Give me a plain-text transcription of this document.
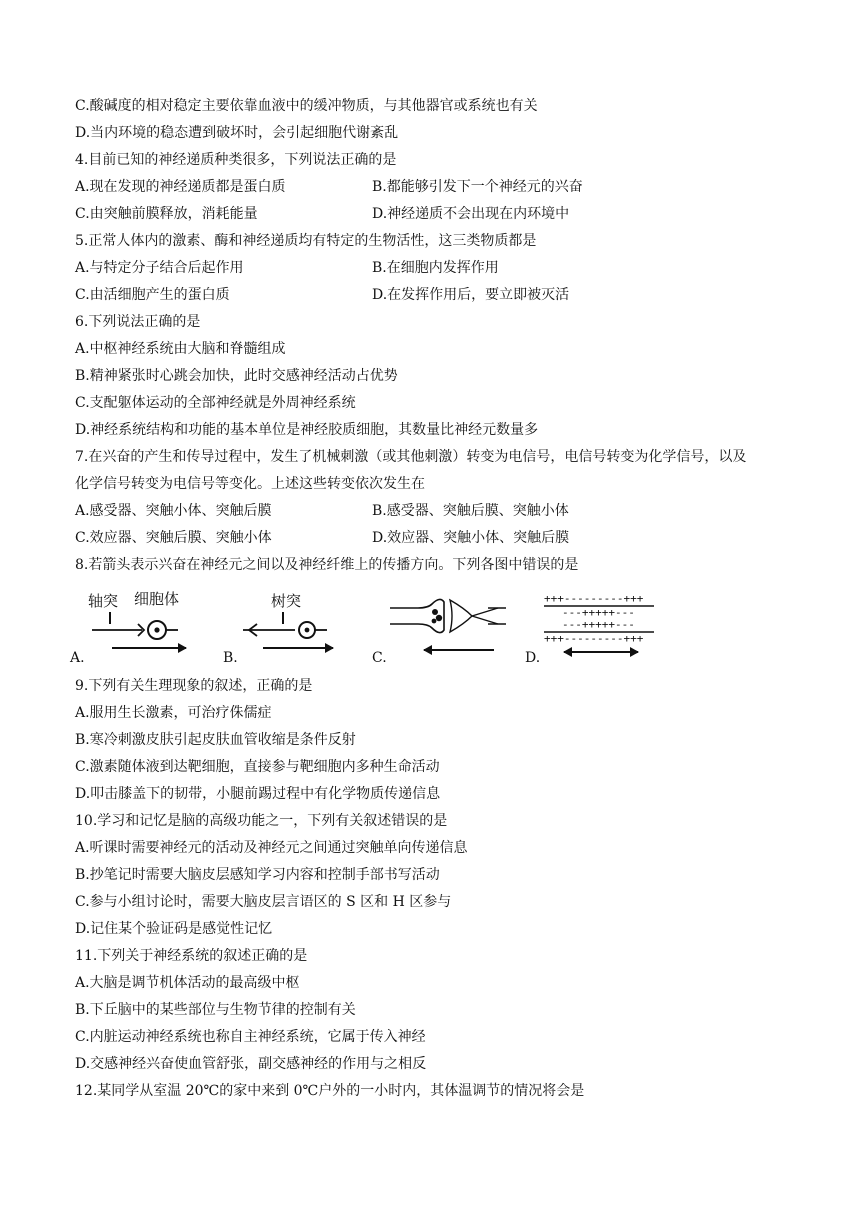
C.酸碱度的相对稳定主要依靠血液中的缓冲物质，与其他器官或系统也有关
D.当内环境的稳态遭到破坏时，会引起细胞代谢紊乱
4.目前已知的神经递质种类很多，下列说法正确的是
A.现在发现的神经递质都是蛋白质	B.都能够引发下一个神经元的兴奋
C.由突触前膜释放，消耗能量	D.神经递质不会出现在内环境中
5.正常人体内的激素、酶和神经递质均有特定的生物活性，这三类物质都是
A.与特定分子结合后起作用	B.在细胞内发挥作用
C.由活细胞产生的蛋白质	D.在发挥作用后，要立即被灭活
6.下列说法正确的是
A.中枢神经系统由大脑和脊髓组成
B.精神紧张时心跳会加快，此时交感神经活动占优势
C.支配躯体运动的全部神经就是外周神经系统
D.神经系统结构和功能的基本单位是神经胶质细胞，其数量比神经元数量多
7.在兴奋的产生和传导过程中，发生了机械刺激（或其他刺激）转变为电信号，电信号转变为化学信号，以及
化学信号转变为电信号等变化。上述这些转变依次发生在
A.感受器、突触小体、突触后膜	B.感受器、突触后膜、突触小体
C.效应器、突触后膜、突触小体	D.效应器、突触小体、突触后膜
8.若箭头表示兴奋在神经元之间以及神经纤维上的传播方向。下列各图中错误的是
轴突 细胞体
A.
树突
B.	C.
+++---------+++
---+++++---
---+++++---
+++---------+++
D.
9.下列有关生理现象的叙述，正确的是
A.服用生长激素，可治疗侏儒症
B.寒冷刺激皮肤引起皮肤血管收缩是条件反射
C.激素随体液到达靶细胞，直接参与靶细胞内多种生命活动
D.叩击膝盖下的韧带，小腿前踢过程中有化学物质传递信息
10.学习和记忆是脑的高级功能之一，下列有关叙述错误的是
A.听课时需要神经元的活动及神经元之间通过突触单向传递信息
B.抄笔记时需要大脑皮层感知学习内容和控制手部书写活动
C.参与小组讨论时，需要大脑皮层言语区的 S 区和 H 区参与
D.记住某个验证码是感觉性记忆
11.下列关于神经系统的叙述正确的是
A.大脑是调节机体活动的最高级中枢
B.下丘脑中的某些部位与生物节律的控制有关
C.内脏运动神经系统也称自主神经系统，它属于传入神经
D.交感神经兴奋使血管舒张，副交感神经的作用与之相反
12.某同学从室温 20℃的家中来到 0℃户外的一小时内，其体温调节的情况将会是
